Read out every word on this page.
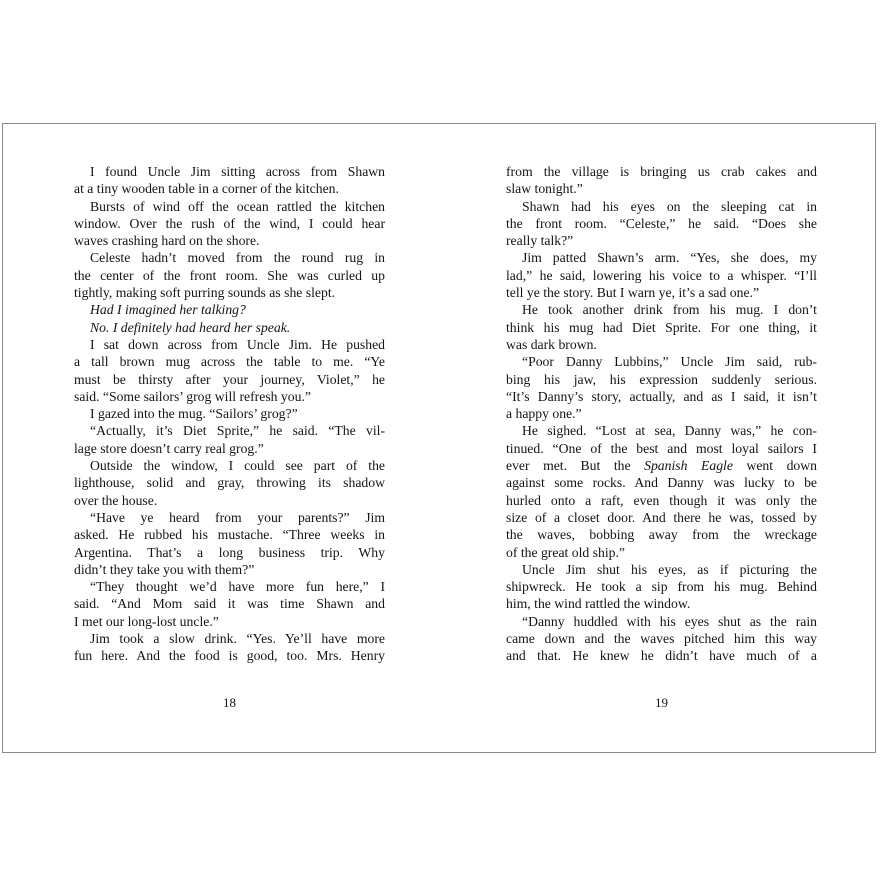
I found Uncle Jim sitting across from Shawn
at a tiny wooden table in a corner of the kitchen.
Bursts of wind off the ocean rattled the kitchen
window. Over the rush of the wind, I could hear
waves crashing hard on the shore.
Celeste hadn’t moved from the round rug in
the center of the front room. She was curled up
tightly, making soft purring sounds as she slept.
Had I imagined her talking?
No. I definitely had heard her speak.
I sat down across from Uncle Jim. He pushed
a tall brown mug across the table to me. “Ye
must be thirsty after your journey, Violet,” he
said. “Some sailors’ grog will refresh you.”
I gazed into the mug. “Sailors’ grog?”
“Actually, it’s Diet Sprite,” he said. “The vil-
lage store doesn’t carry real grog.”
Outside the window, I could see part of the
lighthouse, solid and gray, throwing its shadow
over the house.
“Have ye heard from your parents?” Jim
asked. He rubbed his mustache. “Three weeks in
Argentina. That’s a long business trip. Why
didn’t they take you with them?”
“They thought we’d have more fun here,” I
said. “And Mom said it was time Shawn and
I met our long-lost uncle.”
Jim took a slow drink. “Yes. Ye’ll have more
fun here. And the food is good, too. Mrs. Henry
18
from the village is bringing us crab cakes and
slaw tonight.”
Shawn had his eyes on the sleeping cat in
the front room. “Celeste,” he said. “Does she
really talk?”
Jim patted Shawn’s arm. “Yes, she does, my
lad,” he said, lowering his voice to a whisper. “I’ll
tell ye the story. But I warn ye, it’s a sad one.”
He took another drink from his mug. I don’t
think his mug had Diet Sprite. For one thing, it
was dark brown.
“Poor Danny Lubbins,” Uncle Jim said, rub-
bing his jaw, his expression suddenly serious.
“It’s Danny’s story, actually, and as I said, it isn’t
a happy one.”
He sighed. “Lost at sea, Danny was,” he con-
tinued. “One of the best and most loyal sailors I
ever met. But the Spanish Eagle went down
against some rocks. And Danny was lucky to be
hurled onto a raft, even though it was only the
size of a closet door. And there he was, tossed by
the waves, bobbing away from the wreckage
of the great old ship.”
Uncle Jim shut his eyes, as if picturing the
shipwreck. He took a sip from his mug. Behind
him, the wind rattled the window.
“Danny huddled with his eyes shut as the rain
came down and the waves pitched him this way
and that. He knew he didn’t have much of a
19
